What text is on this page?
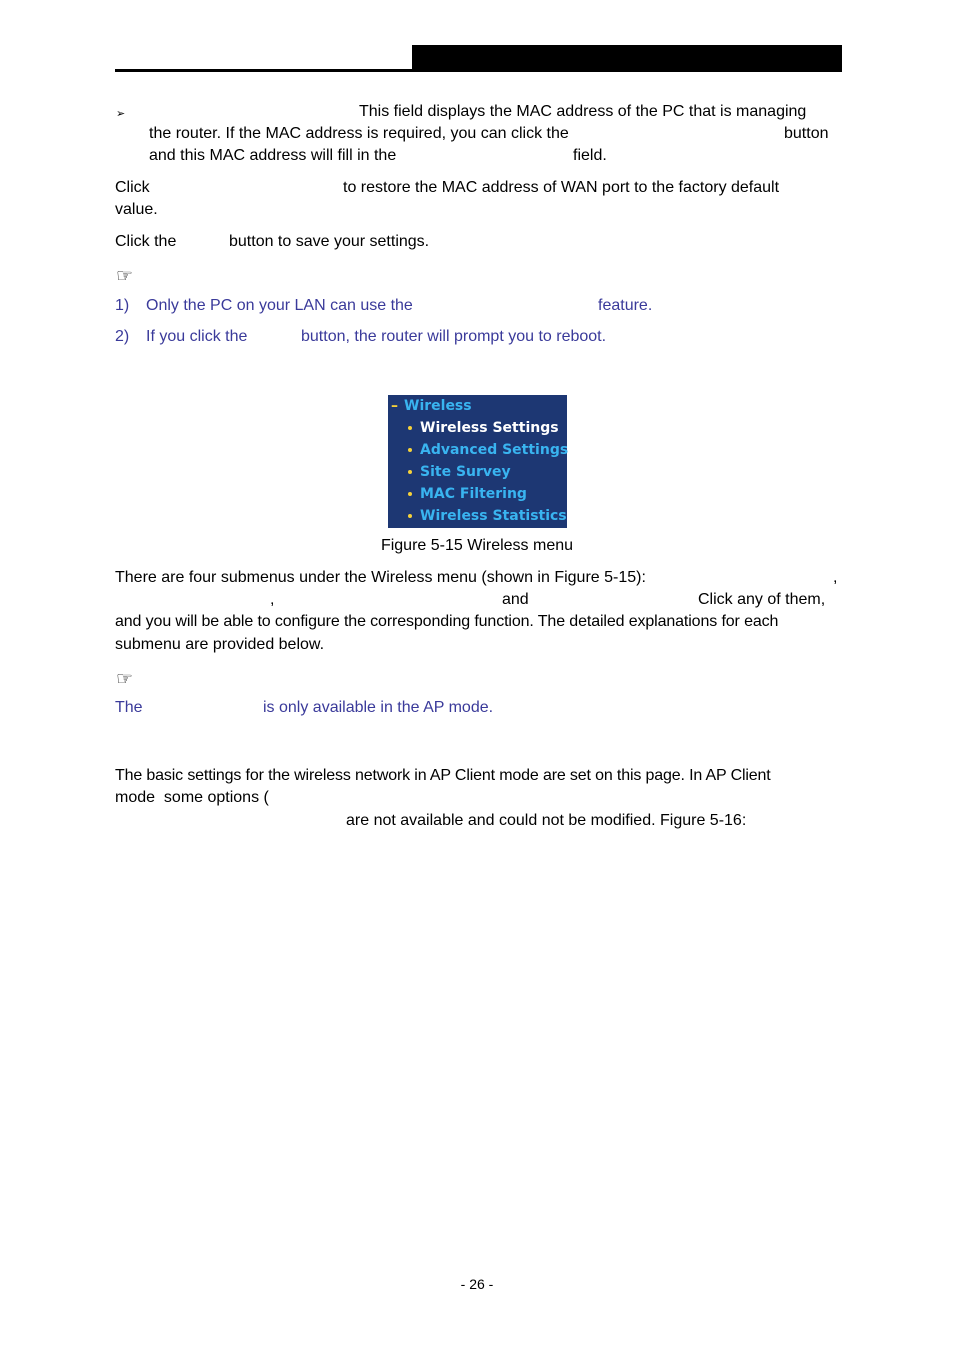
➢	This field displays the MAC address of the PC that is managing
the router. If the MAC address is required, you can click the	button
and this MAC address will fill in the	field.
Click	to restore the MAC address of WAN port to the factory default
value.
Click the	button to save your settings.
☞
1) Only the PC on your LAN can use the	feature.
2) If you click the	button, the router will prompt you to reboot.
– Wireless
Wireless Settings
Advanced Settings
Site Survey
MAC Filtering
Wireless Statistics
Figure 5-15 Wireless menu
There are four submenus under the Wireless menu (shown in Figure 5-15):	,
,	and	Click any of them,
and you will be able to configure the corresponding function. The detailed explanations for each
submenu are provided below.
☞
The	is only available in the AP mode.
The basic settings for the wireless network in AP Client mode are set on this page. In AP Client
mode  some options (
are not available and could not be modified. Figure 5-16:
- 26 -
